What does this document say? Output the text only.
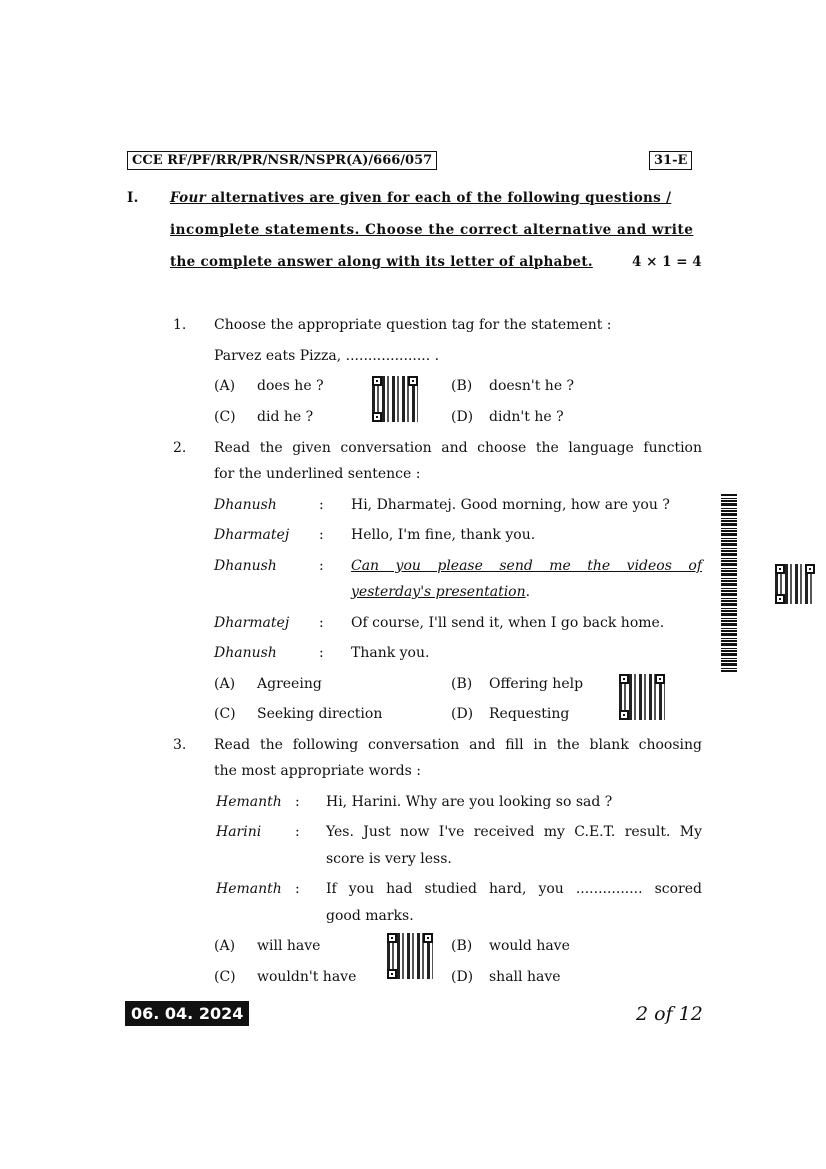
CCE RF/PF/RR/PR/NSR/NSPR(A)/666/057	31-E
I. Four alternatives are given for each of the following questions /
incomplete statements. Choose the correct alternative and write
the complete answer along with its letter of alphabet.	4 × 1 = 4
1. Choose the appropriate question tag for the statement :
Parvez eats Pizza, ................... .
(A) does he ?	(B) doesn't he ?
(C) did he ?	(D) didn't he ?
2. Read the given conversation and choose the language function
for the underlined sentence :
Dhanush	: Hi, Dharmatej. Good morning, how are you ?
Dharmatej : Hello, I'm fine, thank you.
Dhanush	: Can you please send me the videos of
yesterday's presentation.
Dharmatej : Of course, I'll send it, when I go back home.
Dhanush	: Thank you.
(A) Agreeing	(B) Offering help
(C) Seeking direction	(D) Requesting
3. Read the following conversation and fill in the blank choosing
the most appropriate words :
Hemanth : Hi, Harini. Why are you looking so sad ?
Harini : Yes. Just now I've received my C.E.T. result. My
score is very less.
Hemanth : If you had studied hard, you ............... scored
good marks.
(A) will have	(B) would have
(C) wouldn't have	(D) shall have
06. 04. 2024	2 of 12
